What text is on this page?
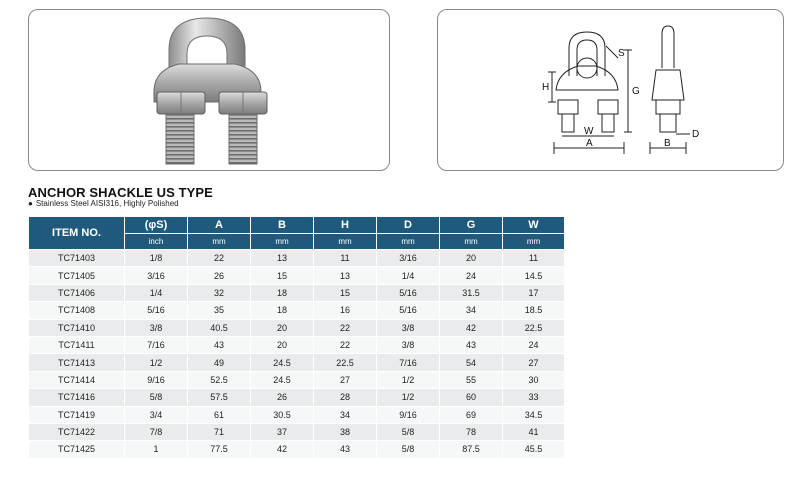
H
S
G
W
A	B
D
ANCHOR SHACKLE US TYPE
● Stainless Steel AISI316, Highly Polished
ITEM NO.	(φS)	A	B	H	D	G	W
	inch	mm	mm	mm	mm	mm	mm
TC71403	1/8	22	13	11	3/16	20	11
TC71405	3/16	26	15	13	1/4	24	14.5
TC71406	1/4	32	18	15	5/16	31.5	17
TC71408	5/16	35	18	16	5/16	34	18.5
TC71410	3/8	40.5	20	22	3/8	42	22.5
TC71411	7/16	43	20	22	3/8	43	24
TC71413	1/2	49	24.5	22.5	7/16	54	27
TC71414	9/16	52.5	24.5	27	1/2	55	30
TC71416	5/8	57.5	26	28	1/2	60	33
TC71419	3/4	61	30.5	34	9/16	69	34.5
TC71422	7/8	71	37	38	5/8	78	41
TC71425	1	77.5	42	43	5/8	87.5	45.5
